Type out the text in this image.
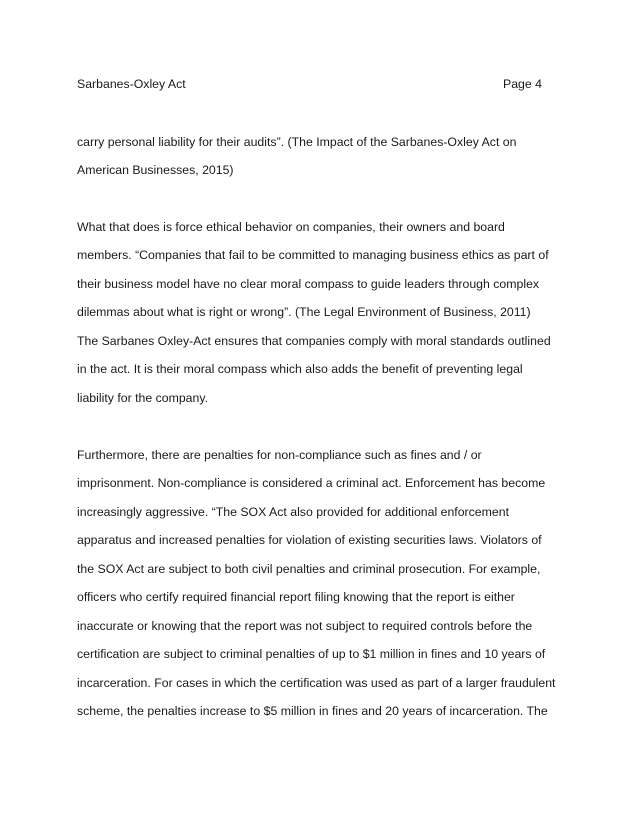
Sarbanes-Oxley Act	Page 4
carry personal liability for their audits”. (The Impact of the Sarbanes-Oxley Act on
American Businesses, 2015)
What that does is force ethical behavior on companies, their owners and board
members. “Companies that fail to be committed to managing business ethics as part of
their business model have no clear moral compass to guide leaders through complex
dilemmas about what is right or wrong”. (The Legal Environment of Business, 2011)
The Sarbanes Oxley-Act ensures that companies comply with moral standards outlined
in the act. It is their moral compass which also adds the benefit of preventing legal
liability for the company.
Furthermore, there are penalties for non-compliance such as fines and / or
imprisonment. Non-compliance is considered a criminal act. Enforcement has become
increasingly aggressive. “The SOX Act also provided for additional enforcement
apparatus and increased penalties for violation of existing securities laws. Violators of
the SOX Act are subject to both civil penalties and criminal prosecution. For example,
officers who certify required financial report filing knowing that the report is either
inaccurate or knowing that the report was not subject to required controls before the
certification are subject to criminal penalties of up to $1 million in fines and 10 years of
incarceration. For cases in which the certification was used as part of a larger fraudulent
scheme, the penalties increase to $5 million in fines and 20 years of incarceration. The
